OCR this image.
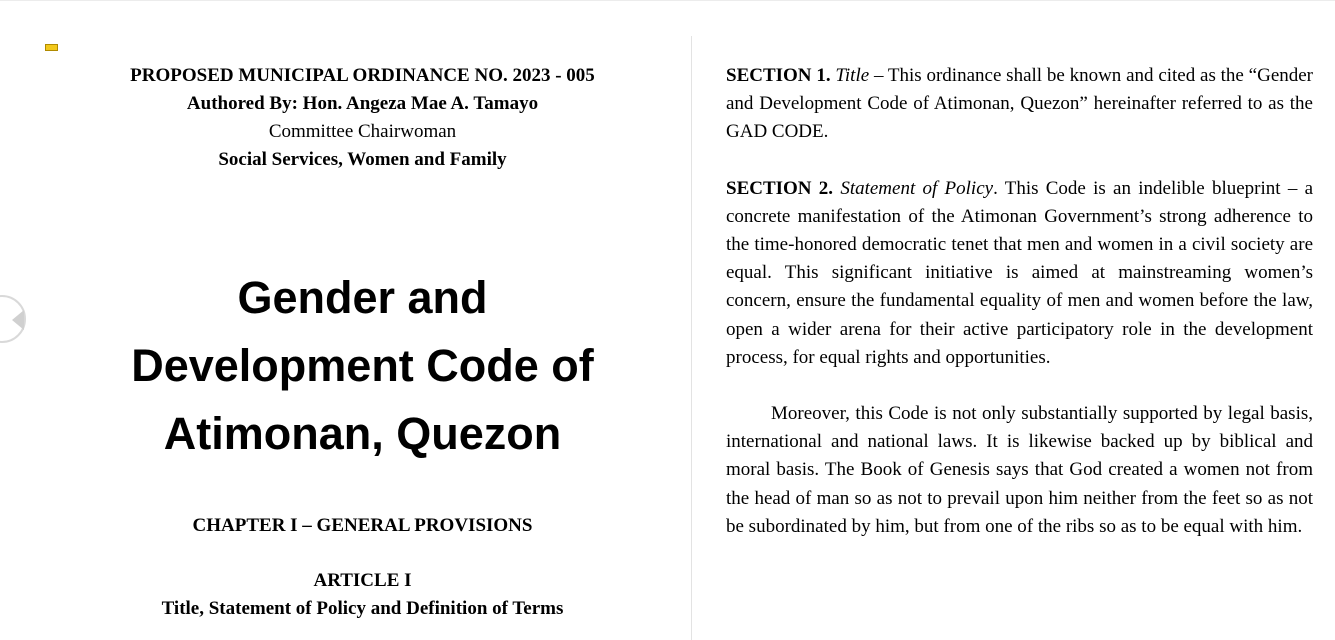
PROPOSED MUNICIPAL ORDINANCE NO. 2023 - 005
Authored By: Hon. Angeza Mae A. Tamayo
Committee Chairwoman
Social Services, Women and Family
Gender and
Development Code of
Atimonan, Quezon
CHAPTER I – GENERAL PROVISIONS
ARTICLE I
Title, Statement of Policy and Definition of Terms

SECTION 1. Title – This ordinance shall be known and cited as the “Gender and Development Code of Atimonan, Quezon” hereinafter referred to as the GAD CODE.

SECTION 2. Statement of Policy. This Code is an indelible blueprint – a concrete manifestation of the Atimonan Government’s strong adherence to the time-honored democratic tenet that men and women in a civil society are equal. This significant initiative is aimed at mainstreaming women’s concern, ensure the fundamental equality of men and women before the law, open a wider arena for their active participatory role in the development process, for equal rights and opportunities.

Moreover, this Code is not only substantially supported by legal basis, international and national laws. It is likewise backed up by biblical and moral basis. The Book of Genesis says that God created a women not from the head of man so as not to prevail upon him neither from the feet so as not be subordinated by him, but from one of the ribs so as to be equal with him.
